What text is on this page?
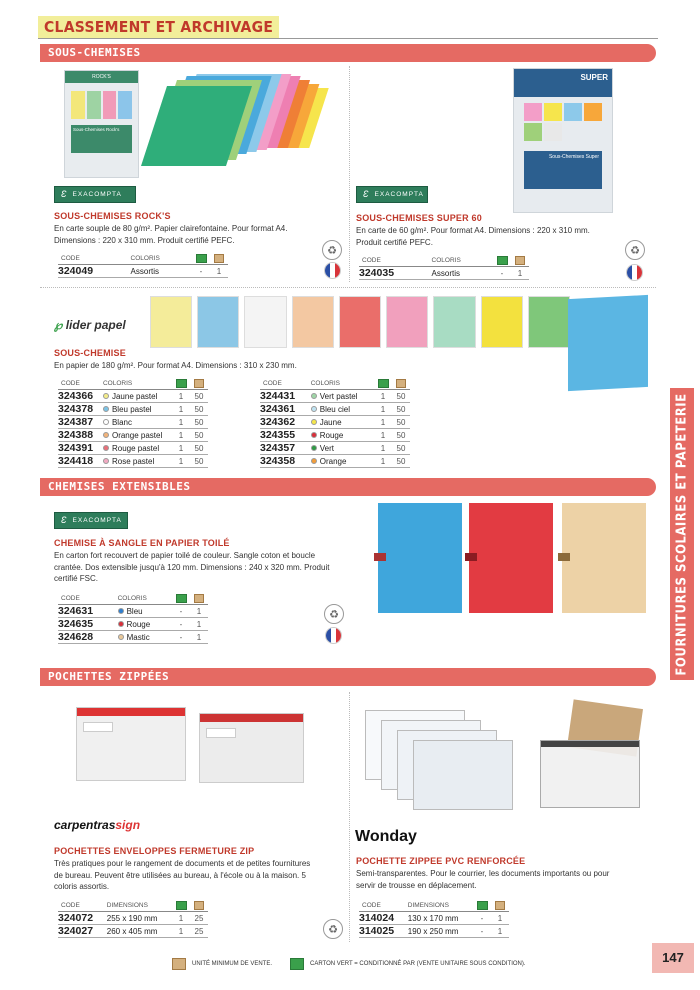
CLASSEMENT ET ARCHIVAGE
SOUS-CHEMISES
ROCK'S
Sous-Chemises Rock's
Ɛ EXACOMPTA
SOUS-CHEMISES ROCK'S
En carte souple de 80 g/m². Papier clairefontaine. Pour format A4. Dimensions : 220 x 310 mm. Produit certifié PEFC.
CODE	COLORIS		
324049	Assortis	-	1
♻
SUPER
Sous-Chemises Super
Ɛ EXACOMPTA
SOUS-CHEMISES SUPER 60
En carte de 60 g/m². Pour format A4. Dimensions : 220 x 310 mm. Produit certifié PEFC.
CODE	COLORIS		
324035	Assortis	-	1
♻
℘ lider papel
SOUS-CHEMISE
En papier de 180 g/m². Pour format A4. Dimensions : 310 x 230 mm.
CODE	COLORIS		
324366	Jaune pastel	1	50
324378	Bleu pastel	1	50
324387	Blanc	1	50
324388	Orange pastel	1	50
324391	Rouge pastel	1	50
324418	Rose pastel	1	50
CODE	COLORIS		
324431	Vert pastel	1	50
324361	Bleu ciel	1	50
324362	Jaune	1	50
324355	Rouge	1	50
324357	Vert	1	50
324358	Orange	1	50
CHEMISES EXTENSIBLES
Ɛ EXACOMPTA
CHEMISE À SANGLE EN PAPIER TOILÉ
En carton fort recouvert de papier toilé de couleur. Sangle coton et boucle crantée. Dos extensible jusqu'à 120 mm. Dimensions : 240 x 320 mm. Produit certifié FSC.
CODE	COLORIS		
324631	Bleu	-	1
324635	Rouge	-	1
324628	Mastic	-	1
♻	FOURNITURES SCOLAIRES ET PAPETERIE
POCHETTES ZIPPÉES
carpentrassign
POCHETTES ENVELOPPES FERMETURE ZIP
Très pratiques pour le rangement de documents et de petites fournitures de bureau. Peuvent être utilisées au bureau, à l'école ou à la maison. 5 coloris assortis.
CODE	DIMENSIONS		
324072	255 x 190 mm	1	25
324027	260 x 405 mm	1	25
Wonday
POCHETTE ZIPPEE PVC RENFORCÉE
Semi-transparentes. Pour le courrier, les documents importants ou pour servir de trousse en déplacement.
CODE	DIMENSIONS		
314024	130 x 170 mm	-	1
314025	190 x 250 mm	-	1
♻
UNITÉ MINIMUM DE VENTE.	CARTON VERT = CONDITIONNÉ PAR (VENTE UNITAIRE SOUS CONDITION).	147
